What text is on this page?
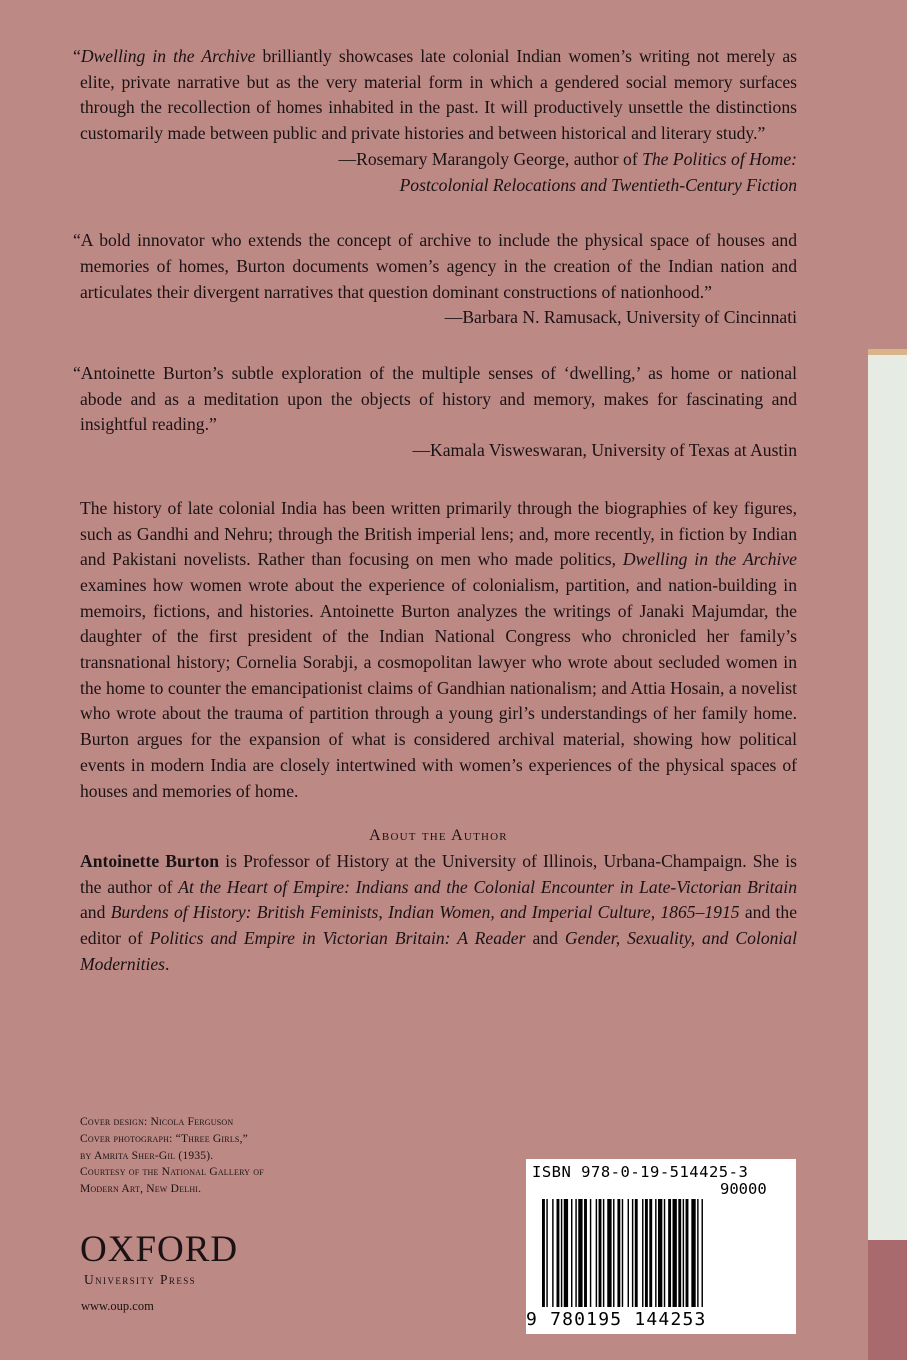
“Dwelling in the Archive brilliantly showcases late colonial Indian women’s writing not merely as elite, private narrative but as the very material form in which a gendered social memory surfaces through the recollection of homes inhabited in the past. It will productively unsettle the distinctions customarily made between public and private histories and between historical and literary study.”

—Rosemary Marangoly George, author of The Politics of Home:

Postcolonial Relocations and Twentieth-Century Fiction

“A bold innovator who extends the concept of archive to include the physical space of houses and memories of homes, Burton documents women’s agency in the creation of the Indian nation and articulates their divergent narratives that question dominant constructions of nationhood.”

—Barbara N. Ramusack, University of Cincinnati

“Antoinette Burton’s subtle exploration of the multiple senses of ‘dwelling,’ as home or national abode and as a meditation upon the objects of history and memory, makes for fascinating and insightful reading.”

—Kamala Visweswaran, University of Texas at Austin

The history of late colonial India has been written primarily through the biographies of key figures, such as Gandhi and Nehru; through the British imperial lens; and, more recently, in fiction by Indian and Pakistani novelists. Rather than focusing on men who made politics, Dwelling in the Archive examines how women wrote about the experience of colonialism, partition, and nation-building in memoirs, fictions, and histories. Antoinette Burton analyzes the writings of Janaki Majumdar, the daughter of the first president of the Indian National Congress who chronicled her family’s transnational history; Cornelia Sorabji, a cosmopolitan lawyer who wrote about secluded women in the home to counter the emancipationist claims of Gandhian nationalism; and Attia Hosain, a novelist who wrote about the trauma of partition through a young girl’s understandings of her family home. Burton argues for the expansion of what is considered archival material, showing how political events in modern India are closely intertwined with women’s experiences of the physical spaces of houses and memories of home.

About the Author

Antoinette Burton is Professor of History at the University of Illinois, Urbana-Champaign. She is the author of At the Heart of Empire: Indians and the Colonial Encounter in Late-Victorian Britain and Burdens of History: British Feminists, Indian Women, and Imperial Culture, 1865–1915 and the editor of Politics and Empire in Victorian Britain: A Reader and Gender, Sexuality, and Colonial Modernities.

Cover design: Nicola Ferguson
Cover photograph: “Three Girls,”
by Amrita Sher-Gil (1935).
Courtesy of the National Gallery of
Modern Art, New Delhi.
OXFORD
University Press
www.oup.com
ISBN 978-0-19-514425-3
90000
9 780195 144253
